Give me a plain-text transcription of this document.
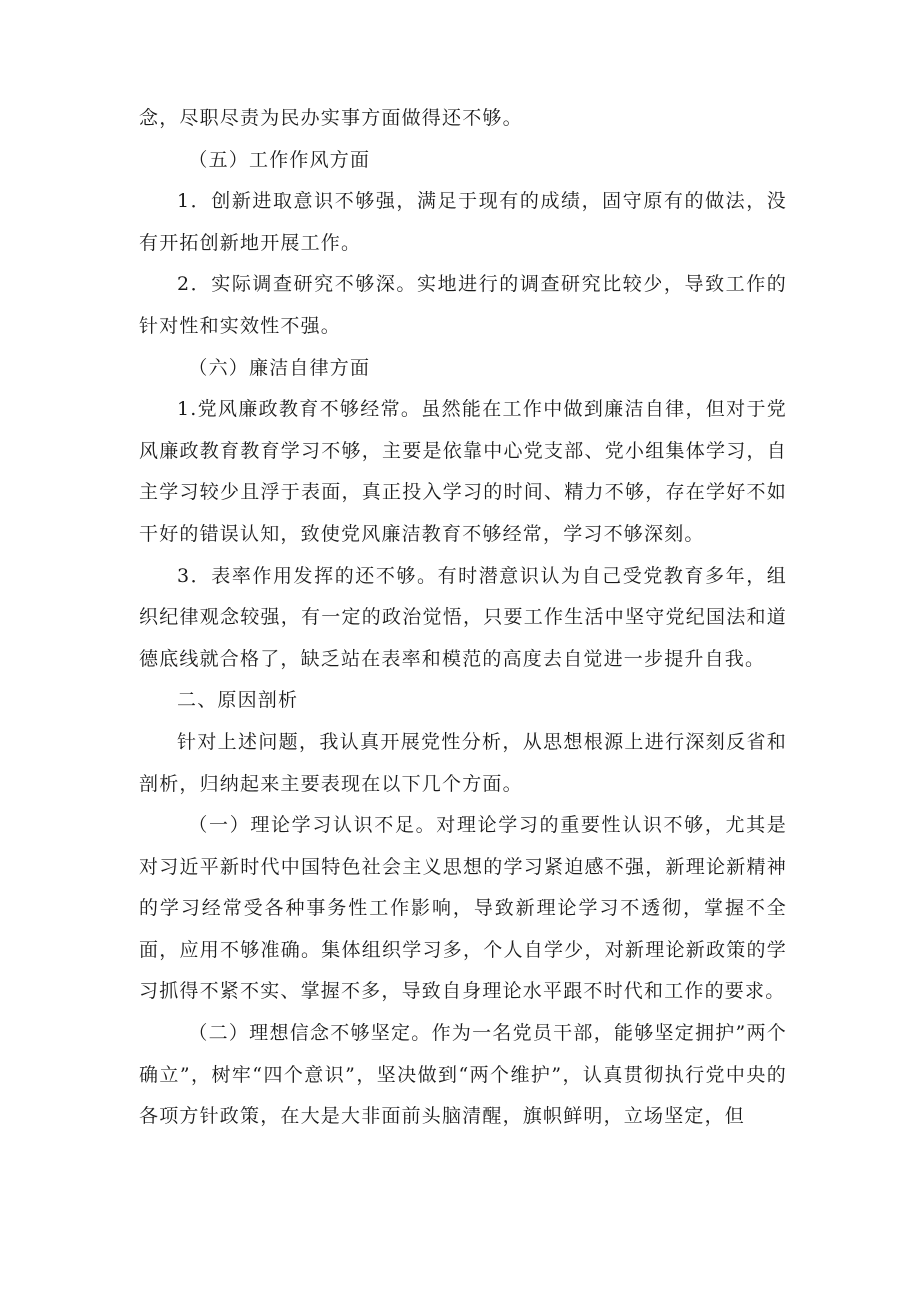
念，尽职尽责为民办实事方面做得还不够。

（五）工作作风方面

1．创新进取意识不够强，满足于现有的成绩，固守原有的做法，没有开拓创新地开展工作。

2．实际调查研究不够深。实地进行的调查研究比较少，导致工作的针对性和实效性不强。

（六）廉洁自律方面

1.党风廉政教育不够经常。虽然能在工作中做到廉洁自律，但对于党风廉政教育教育学习不够，主要是依靠中心党支部、党小组集体学习，自主学习较少且浮于表面，真正投入学习的时间、精力不够，存在学好不如干好的错误认知，致使党风廉洁教育不够经常，学习不够深刻。

3．表率作用发挥的还不够。有时潜意识认为自己受党教育多年，组织纪律观念较强，有一定的政治觉悟，只要工作生活中坚守党纪国法和道德底线就合格了，缺乏站在表率和模范的高度去自觉进一步提升自我。

二、原因剖析

针对上述问题，我认真开展党性分析，从思想根源上进行深刻反省和剖析，归纳起来主要表现在以下几个方面。

（一）理论学习认识不足。对理论学习的重要性认识不够，尤其是对习近平新时代中国特色社会主义思想的学习紧迫感不强，新理论新精神的学习经常受各种事务性工作影响，导致新理论学习不透彻，掌握不全面，应用不够准确。集体组织学习多，个人自学少，对新理论新政策的学习抓得不紧不实、掌握不多，导致自身理论水平跟不时代和工作的要求。

（二）理想信念不够坚定。作为一名党员干部，能够坚定拥护”两个确立”，树牢“四个意识”，坚决做到“两个维护”，认真贯彻执行党中央的各项方针政策，在大是大非面前头脑清醒，旗帜鲜明，立场坚定，但
